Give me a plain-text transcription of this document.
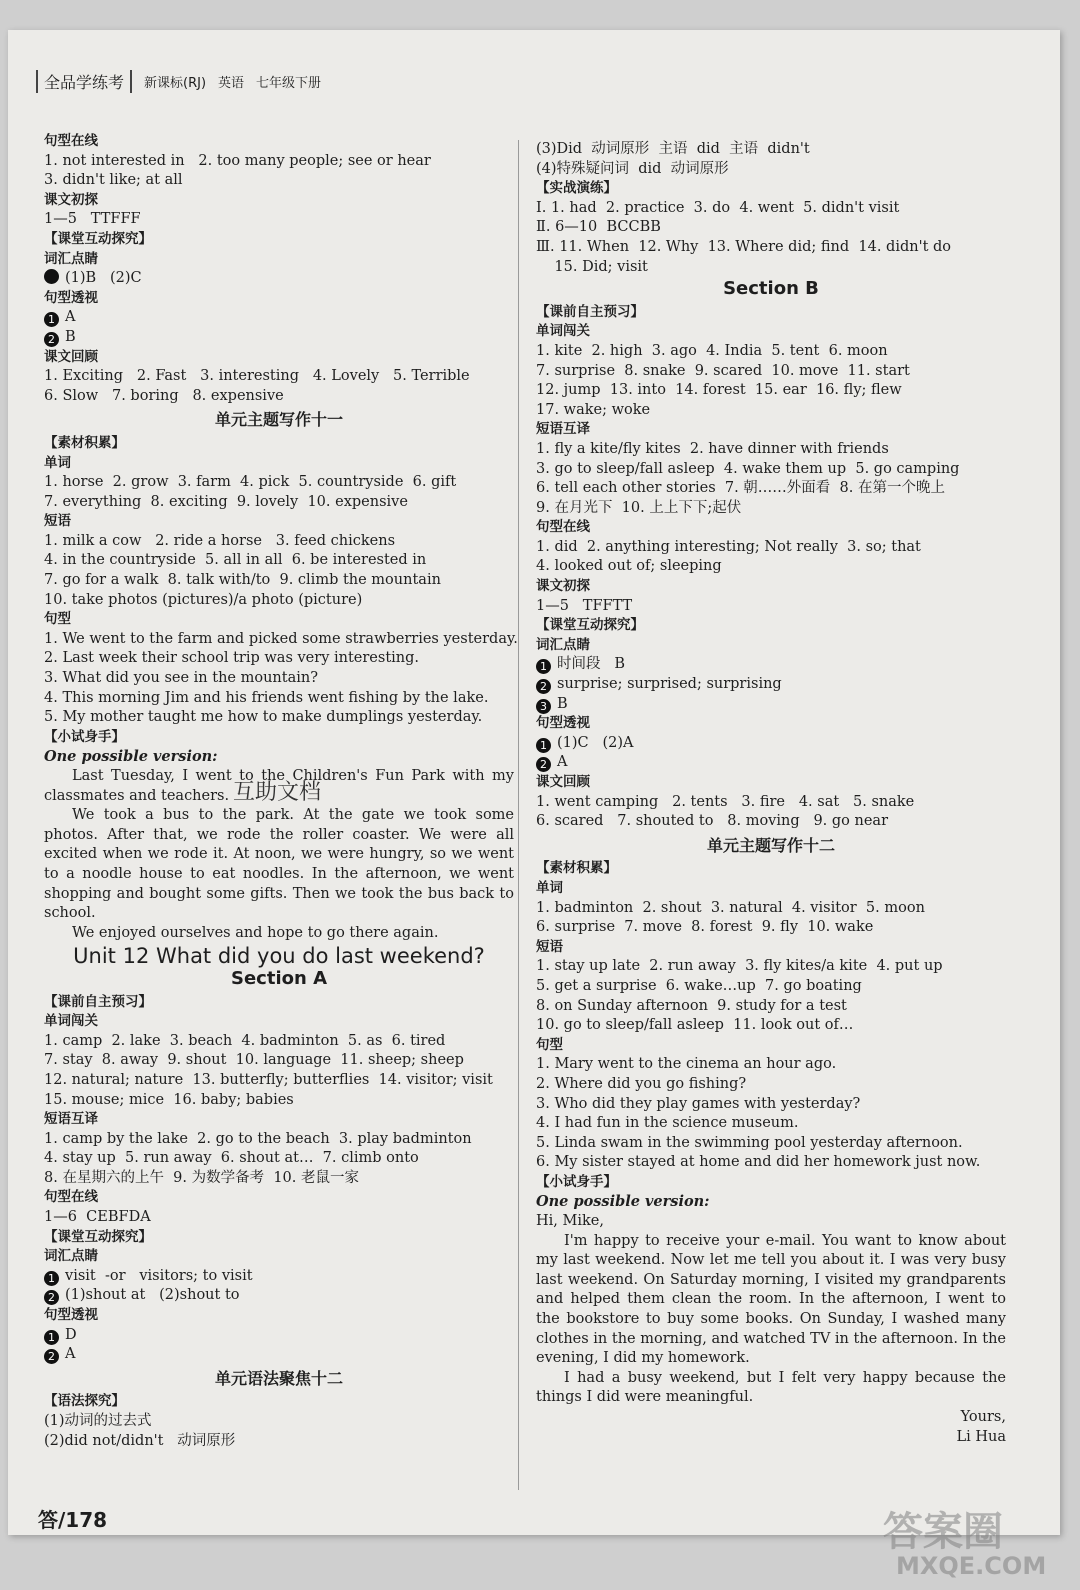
全品学练考	新课标(RJ) 英语 七年级下册
句型在线
1. not interested in   2. too many people; see or hear
3. didn't like; at all
课文初探
1—5   TTFFF
【课堂互动探究】
词汇点睛
(1)B   (2)C
句型透视
1 A
2 B
课文回顾
1. Exciting   2. Fast   3. interesting   4. Lovely   5. Terrible
6. Slow   7. boring   8. expensive
单元主题写作十一
【素材积累】
单词
1. horse  2. grow  3. farm  4. pick  5. countryside  6. gift
7. everything  8. exciting  9. lovely  10. expensive
短语
1. milk a cow   2. ride a horse   3. feed chickens
4. in the countryside  5. all in all  6. be interested in
7. go for a walk  8. talk with/to  9. climb the mountain
10. take photos (pictures)/a photo (picture)
句型
1. We went to the farm and picked some strawberries yesterday.
2. Last week their school trip was very interesting.
3. What did you see in the mountain?
4. This morning Jim and his friends went fishing by the lake.
5. My mother taught me how to make dumplings yesterday.
【小试身手】
One possible version:
Last Tuesday, I went to the Children's Fun Park with my classmates and teachers.
We took a bus to the park. At the gate we took some photos. After that, we rode the roller coaster. We were all excited when we rode it. At noon, we were hungry, so we went to a noodle house to eat noodles. In the afternoon, we went shopping and bought some gifts. Then we took the bus back to school.
We enjoyed ourselves and hope to go there again.
Unit 12 What did you do last weekend?
Section A
【课前自主预习】
单词闯关
1. camp  2. lake  3. beach  4. badminton  5. as  6. tired
7. stay  8. away  9. shout  10. language  11. sheep; sheep
12. natural; nature  13. butterfly; butterflies  14. visitor; visit
15. mouse; mice  16. baby; babies
短语互译
1. camp by the lake  2. go to the beach  3. play badminton
4. stay up  5. run away  6. shout at…  7. climb onto
8. 在星期六的上午  9. 为数学备考  10. 老鼠一家
句型在线
1—6  CEBFDA
【课堂互动探究】
词汇点睛
1 visit  -or   visitors; to visit
2 (1)shout at   (2)shout to
句型透视
1 D
2 A
单元语法聚焦十二
【语法探究】
(1)动词的过去式
(2)did not/didn't   动词原形
(3)Did  动词原形  主语  did  主语  didn't
(4)特殊疑问词  did  动词原形
【实战演练】
Ⅰ. 1. had  2. practice  3. do  4. went  5. didn't visit
Ⅱ. 6—10  BCCBB
Ⅲ. 11. When  12. Why  13. Where did; find  14. didn't do
15. Did; visit
Section B
【课前自主预习】
单词闯关
1. kite  2. high  3. ago  4. India  5. tent  6. moon
7. surprise  8. snake  9. scared  10. move  11. start
12. jump  13. into  14. forest  15. ear  16. fly; flew
17. wake; woke
短语互译
1. fly a kite/fly kites  2. have dinner with friends
3. go to sleep/fall asleep  4. wake them up  5. go camping
6. tell each other stories  7. 朝……外面看  8. 在第一个晚上
9. 在月光下  10. 上上下下;起伏
句型在线
1. did  2. anything interesting; Not really  3. so; that
4. looked out of; sleeping
课文初探
1—5   TFFTT
【课堂互动探究】
词汇点睛
1 时间段   B
2 surprise; surprised; surprising
3 B
句型透视
1 (1)C   (2)A
2 A
课文回顾
1. went camping   2. tents   3. fire   4. sat   5. snake
6. scared   7. shouted to   8. moving   9. go near
单元主题写作十二
【素材积累】
单词
1. badminton  2. shout  3. natural  4. visitor  5. moon
6. surprise  7. move  8. forest  9. fly  10. wake
短语
1. stay up late  2. run away  3. fly kites/a kite  4. put up
5. get a surprise  6. wake…up  7. go boating
8. on Sunday afternoon  9. study for a test
10. go to sleep/fall asleep  11. look out of…
句型
1. Mary went to the cinema an hour ago.
2. Where did you go fishing?
3. Who did they play games with yesterday?
4. I had fun in the science museum.
5. Linda swam in the swimming pool yesterday afternoon.
6. My sister stayed at home and did her homework just now.
【小试身手】
One possible version:
Hi, Mike,
I'm happy to receive your e-mail. You want to know about my last weekend. Now let me tell you about it. I was very busy last weekend. On Saturday morning, I visited my grandparents and helped them clean the room. In the afternoon, I went to the bookstore to buy some books. On Sunday, I washed many clothes in the morning, and watched TV in the afternoon. In the evening, I did my homework.
I had a busy weekend, but I felt very happy because the things I did were meaningful.
Yours,
Li Hua
互助文档
答/178	答案圈
MXQE.COM
